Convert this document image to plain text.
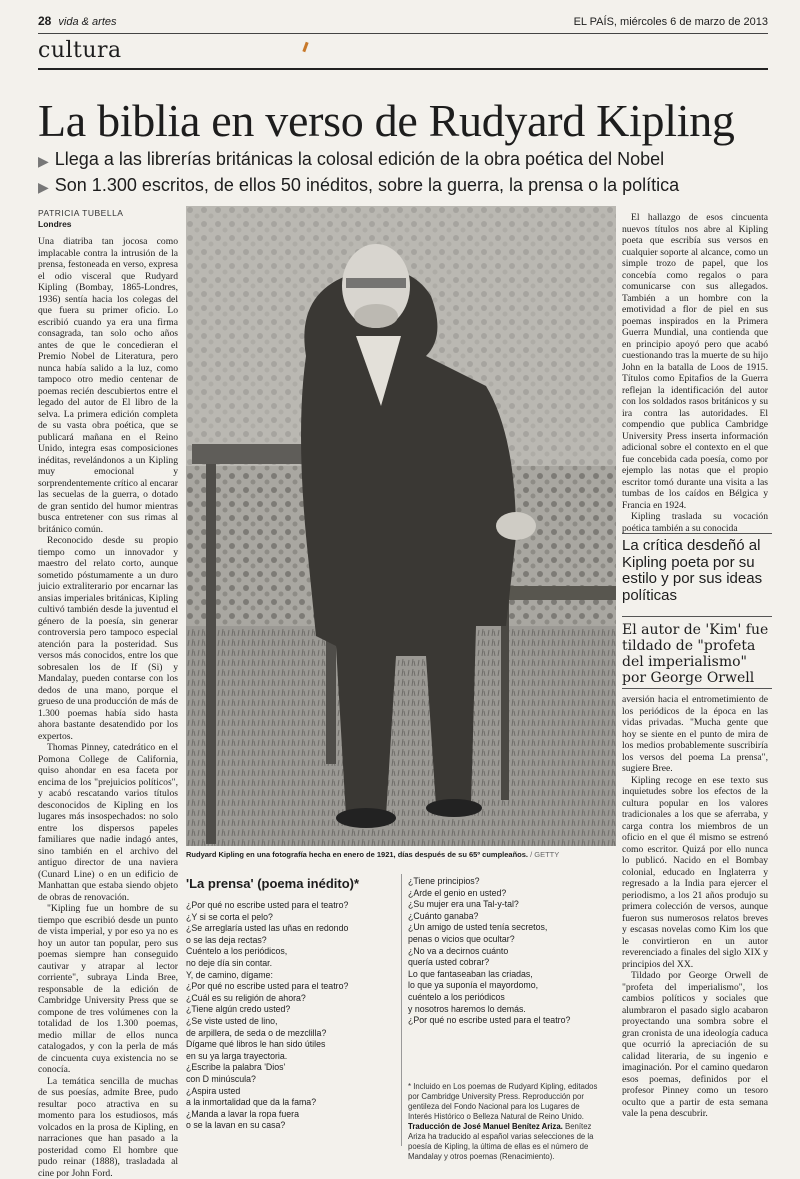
28 vida & artes	EL PAÍS, miércoles 6 de marzo de 2013
cultura
La biblia en verso de Rudyard Kipling
▶ Llega a las librerías británicas la colosal edición de la obra poética del Nobel
▶ Son 1.300 escritos, de ellos 50 inéditos, sobre la guerra, la prensa o la política
PATRICIA TUBELLA
Londres

Una diatriba tan jocosa como implacable contra la intrusión de la prensa, festoneada en verso, expresa el odio visceral que Rudyard Kipling (Bombay, 1865-Londres, 1936) sentía hacia los colegas del que fuera su primer oficio. Lo escribió cuando ya era una firma consagrada, tan solo ocho años antes de que le concedieran el Premio Nobel de Literatura, pero nunca había salido a la luz, como tampoco otro medio centenar de poemas recién descubiertos entre el legado del autor de El libro de la selva. La primera edición completa de su vasta obra poética, que se publicará mañana en el Reino Unido, integra esas composiciones inéditas, revelándonos a un Kipling muy emocional y sorprendentemente crítico al encarar las secuelas de la guerra, o dotado de gran sentido del humor mientras busca entretener con sus rimas al británico común.

Reconocido desde su propio tiempo como un innovador y maestro del relato corto, aunque sometido póstumamente a un duro juicio extraliterario por encarnar las ansias imperiales británicas, Kipling cultivó también desde la juventud el género de la poesía, sin generar controversia pero tampoco especial atención para la posteridad. Sus versos más conocidos, entre los que sobresalen los de If (Si) y Mandalay, pueden contarse con los dedos de una mano, porque el grueso de una producción de más de 1.300 poemas había sido hasta ahora bastante desatendido por los expertos.

Thomas Pinney, catedrático en el Pomona College de California, quiso ahondar en esa faceta por encima de los "prejuicios políticos", y acabó rescatando varios títulos desconocidos de Kipling en los lugares más insospechados: no solo entre los dispersos papeles familiares que nadie indagó antes, sino también en el archivo del antiguo director de una naviera (Cunard Line) o en un edificio de Manhattan que estaba siendo objeto de obras de renovación.

"Kipling fue un hombre de su tiempo que escribió desde un punto de vista imperial, y por eso ya no es hoy un autor tan popular, pero sus poemas siempre han conseguido cautivar y atrapar al lector corriente", subraya Linda Bree, responsable de la edición de Cambridge University Press que se compone de tres volúmenes con la totalidad de los 1.300 poemas, medio millar de ellos nunca catalogados, y con la perla de más de cincuenta cuya existencia no se conocía.

La temática sencilla de muchas de sus poesías, admite Bree, pudo resultar poco atractiva en su momento para los estudiosos, más volcados en la prosa de Kipling, en narraciones que han pasado a la posteridad como El hombre que pudo reinar (1888), trasladada al cine por John Ford.

Rudyard Kipling en una fotografía hecha en enero de 1921, días después de su 65º cumpleaños. / GETTY

El hallazgo de esos cincuenta nuevos títulos nos abre al Kipling poeta que escribía sus versos en cualquier soporte al alcance, como un simple trozo de papel, que los concebía como regalos o para comunicarse con sus allegados. También a un hombre con la emotividad a flor de piel en sus poemas inspirados en la Primera Guerra Mundial, una contienda que en principio apoyó pero que acabó cuestionando tras la muerte de su hijo John en la batalla de Loos de 1915. Títulos como Epitafios de la Guerra reflejan la identificación del autor con los soldados rasos británicos y su ira contra las autoridades. El compendio que publica Cambridge University Press inserta información adicional sobre el contexto en el que fue concebida cada poesía, como por ejemplo las notas que el propio escritor tomó durante una visita a las tumbas de los caídos en Bélgica y Francia en 1924.

Kipling traslada su vocación poética también a su conocida

La crítica desdeñó al Kipling poeta por su estilo y por sus ideas políticas
El autor de 'Kim' fue tildado de "profeta del imperialismo" por George Orwell

aversión hacia el entrometimiento de los periódicos de la época en las vidas privadas. "Mucha gente que hoy se siente en el punto de mira de los medios probablemente suscribiría los versos del poema La prensa", sugiere Bree.

Kipling recoge en ese texto sus inquietudes sobre los efectos de la cultura popular en los valores tradicionales a los que se aferraba, y carga contra los miembros de un oficio en el que él mismo se estrenó como escritor. Quizá por ello nunca lo publicó. Nacido en el Bombay colonial, educado en Inglaterra y regresado a la India para ejercer el periodismo, a los 21 años produjo su primera colección de versos, aunque fueron sus numerosos relatos breves y escasas novelas como Kim los que le convirtieron en un autor reverenciado a finales del siglo XIX y principios del XX.

Tildado por George Orwell de "profeta del imperialismo", los cambios políticos y sociales que alumbraron el pasado siglo acabaron proyectando una sombra sobre el gran cronista de una ideología caduca que ocurrió la apreciación de su calidad literaria, de su ingenio e imaginación. Por el camino quedaron esos poemas, definidos por el profesor Pinney como un tesoro oculto que a partir de esta semana vale la pena descubrir.

'La prensa' (poema inédito)*
¿Por qué no escribe usted para el teatro?
¿Y si se corta el pelo?
¿Se arreglaría usted las uñas en redondo
o se las deja rectas?
Cuéntelo a los periódicos,
no deje día sin contar.
Y, de camino, dígame:
¿Por qué no escribe usted para el teatro?
¿Cuál es su religión de ahora?
¿Tiene algún credo usted?
¿Se viste usted de lino,
de arpillera, de seda o de mezclilla?
Dígame qué libros le han sido útiles
en su ya larga trayectoria.
¿Escribe la palabra 'Dios'
con D minúscula?
¿Aspira usted
a la inmortalidad que da la fama?
¿Manda a lavar la ropa fuera
o se la lavan en su casa?
¿Tiene principios?
¿Arde el genio en usted?
¿Su mujer era una Tal-y-tal?
¿Cuánto ganaba?
¿Un amigo de usted tenía secretos,
penas o vicios que ocultar?
¿No va a decirnos cuánto
quería usted cobrar?
Lo que fantaseaban las criadas,
lo que ya suponía el mayordomo,
cuéntelo a los periódicos
y nosotros haremos lo demás.
¿Por qué no escribe usted para el teatro?
* Incluido en Los poemas de Rudyard Kipling, editados por Cambridge University Press. Reproducción por gentileza del Fondo Nacional para los Lugares de Interés Histórico o Belleza Natural de Reino Unido. Traducción de José Manuel Benítez Ariza. Benítez Ariza ha traducido al español varias selecciones de la poesía de Kipling, la última de ellas es el número de Mandalay y otros poemas (Renacimiento).
